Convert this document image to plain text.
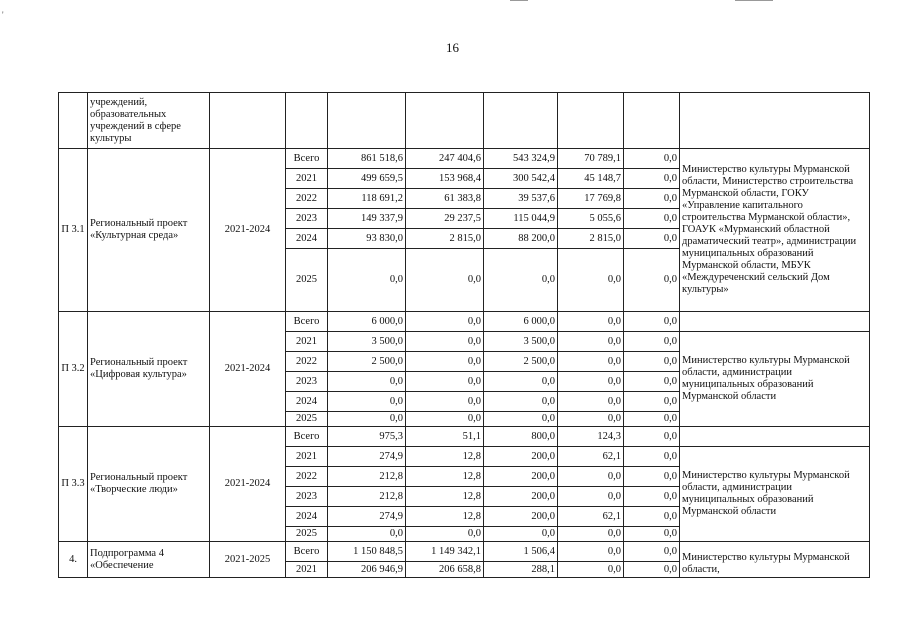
'
16
	учреждений, образовательных учреждений в сфере культуры								
П 3.1	Региональный проект «Культурная среда»	2021-2024	Всего	861 518,6	247 404,6	543 324,9	70 789,1	0,0	Министерство культуры Мурманской области, Министерство строительства Мурманской области, ГОКУ «Управление капитального строительства Мурманской области», ГОАУК «Мурманский областной драматический театр», администрации муниципальных образований Мурманской области, МБУК «Междуреченский сельский Дом культуры»
			2021	499 659,5	153 968,4	300 542,4	45 148,7	0,0	
			2022	118 691,2	61 383,8	39 537,6	17 769,8	0,0	
			2023	149 337,9	29 237,5	115 044,9	5 055,6	0,0	
			2024	93 830,0	2 815,0	88 200,0	2 815,0	0,0	
			2025	0,0	0,0	0,0	0,0	0,0	
П 3.2	Региональный проект «Цифровая культура»	2021-2024	Всего	6 000,0	0,0	6 000,0	0,0	0,0	
			2021	3 500,0	0,0	3 500,0	0,0	0,0	Министерство культуры Мурманской области, администрации муниципальных образований Мурманской области
			2022	2 500,0	0,0	2 500,0	0,0	0,0	
			2023	0,0	0,0	0,0	0,0	0,0	
			2024	0,0	0,0	0,0	0,0	0,0	
			2025	0,0	0,0	0,0	0,0	0,0	
П 3.3	Региональный проект «Творческие люди»	2021-2024	Всего	975,3	51,1	800,0	124,3	0,0	
			2021	274,9	12,8	200,0	62,1	0,0	Министерство культуры Мурманской области, администрации муниципальных образований Мурманской области
			2022	212,8	12,8	200,0	0,0	0,0	
			2023	212,8	12,8	200,0	0,0	0,0	
			2024	274,9	12,8	200,0	62,1	0,0	
			2025	0,0	0,0	0,0	0,0	0,0	
4.	Подпрограмма 4 «Обеспечение	2021-2025	Всего	1 150 848,5	1 149 342,1	1 506,4	0,0	0,0	Министерство культуры Мурманской области,
			2021	206 946,9	206 658,8	288,1	0,0	0,0	
